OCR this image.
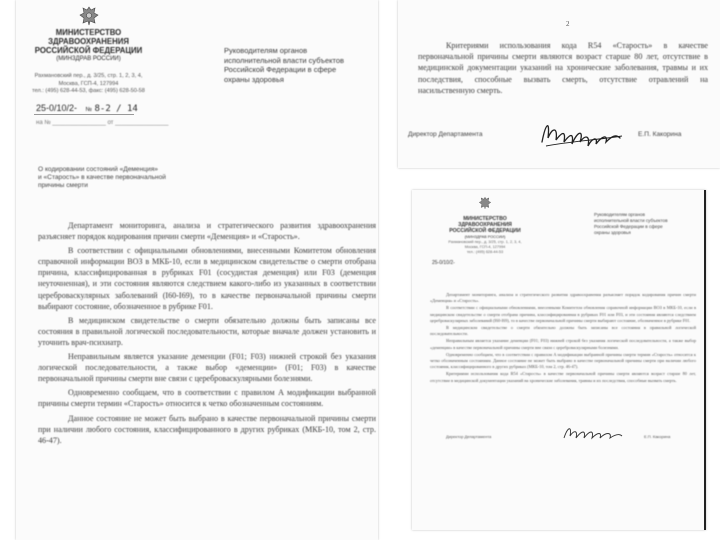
МИНИСТЕРСТВО
ЗДРАВООХРАНЕНИЯ
РОССИЙСКОЙ ФЕДЕРАЦИИ
(МИНЗДРАВ РОССИИ)
Рахмановский пер., д. 3/25, стр. 1, 2, 3, 4,
Москва, ГСП-4, 127994
тел.: (495) 628-44-53, факс: (495) 628-50-58
25-0/10/2- № 8-2 / 14
на № ________________ от ________________
Руководителям органов
исполнительной власти субъектов
Российской Федерации в сфере
охраны здоровья
О кодировании состояний «Деменция»
и «Старость» в качестве первоначальной
причины смерти

Департамент мониторинга, анализа и стратегического развития здравоохранения разъясняет порядок кодирования причин смерти «Деменция» и «Старость».

В соответствии с официальными обновлениями, внесенными Комитетом обновления справочной информации ВОЗ в МКБ-10, если в медицинском свидетельстве о смерти отобрана причина, классифицированная в рубриках F01 (сосудистая деменция) или F03 (деменция неуточненная), и эти состояния являются следствием какого-либо из указанных в соответствии цереброваскулярных заболеваний (I60-I69), то в качестве первоначальной причины смерти выбирают состояние, обозначенное в рубрике F01.

В медицинском свидетельстве о смерти обязательно должны быть записаны все состояния в правильной логической последовательности, которые вначале должен установить и уточнить врач-психиатр.

Неправильным является указание деменции (F01; F03) нижней строкой без указания логической последовательности, а также выбор «деменции» (F01; F03) в качестве первоначальной причины смерти вне связи с цереброваскулярными болезнями.

Одновременно сообщаем, что в соответствии с правилом A модификации выбранной причины смерти термин «Старость» относится к четко обозначенным состояниям.

Данное состояние не может быть выбрано в качестве первоначальной причины смерти при наличии любого состояния, классифицированного в других рубриках (МКБ-10, том 2, стр. 46-47).

2
Критериями использования кода R54 «Старость» в качестве первоначальной причины смерти являются возраст старше 80 лет, отсутствие в медицинской документации указаний на хронические заболевания, травмы и их последствия, способные вызвать смерть, отсутствие отравлений на насильственную смерть.
Директор Департамента
Кагорина
Е.П. Какорина
МИНИСТЕРСТВО
ЗДРАВООХРАНЕНИЯ
РОССИЙСКОЙ ФЕДЕРАЦИИ
(МИНЗДРАВ РОССИИ)
Рахмановский пер., д. 3/25, стр. 1, 2, 3, 4,
Москва, ГСП-4, 127994
тел.: (495) 628-44-53
25-0/10/2-
Руководителям органов
исполнительной власти субъектов
Российской Федерации в сфере
охраны здоровья

Департамент мониторинга, анализа и стратегического развития здравоохранения разъясняет порядок кодирования причин смерти «Деменция» и «Старость».

В соответствии с официальными обновлениями, внесенными Комитетом обновления справочной информации ВОЗ в МКБ-10, если в медицинском свидетельстве о смерти отобрана причина, классифицированная в рубриках F01 или F03, и эти состояния являются следствием цереброваскулярных заболеваний (I60-I69), то в качестве первоначальной причины смерти выбирают состояние, обозначенное в рубрике F01.

В медицинском свидетельстве о смерти обязательно должны быть записаны все состояния в правильной логической последовательности.

Неправильным является указание деменции (F01; F03) нижней строкой без указания логической последовательности, а также выбор «деменции» в качестве первоначальной причины смерти вне связи с цереброваскулярными болезнями.

Одновременно сообщаем, что в соответствии с правилом A модификации выбранной причины смерти термин «Старость» относится к четко обозначенным состояниям. Данное состояние не может быть выбрано в качестве первоначальной причины смерти при наличии любого состояния, классифицированного в других рубриках (МКБ-10, том 2, стр. 46-47).

Критериями использования кода R54 «Старость» в качестве первоначальной причины смерти являются возраст старше 80 лет, отсутствие в медицинской документации указаний на хронические заболевания, травмы и их последствия, способные вызвать смерть.

Директор Департамента	Е.П. Какорина
